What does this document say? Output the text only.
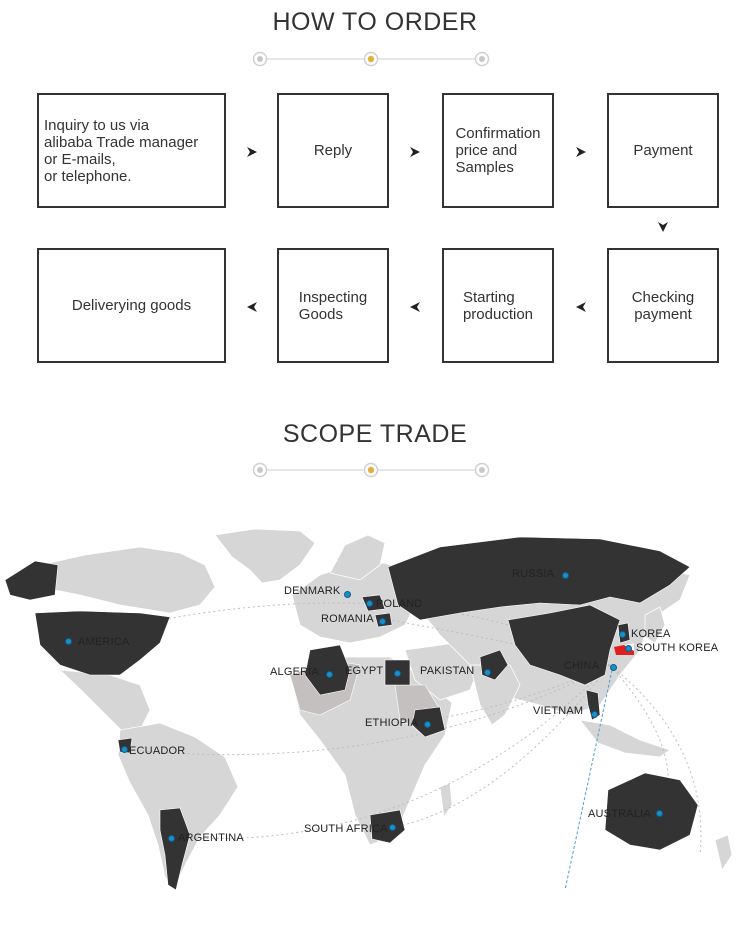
HOW TO ORDER
Inquiry to us via
alibaba Trade manager
or E-mails,
or telephone.
Reply
Confirmation
price and
Samples
Payment
Checking
payment
Starting
production
Inspecting
Goods
Deliverying goods
SCOPE TRADE
RUSSIA
DENMARK
POLAND
ROMANIA
KOREA
SOUTH KOREA
AMERICA
ALGERIA EGYPT	PAKISTAN	CHINA
VIETNAM
ETHIOPIA
ECUADOR
AUSTRALIA
SOUTH AFRICA
ARGENTINA
